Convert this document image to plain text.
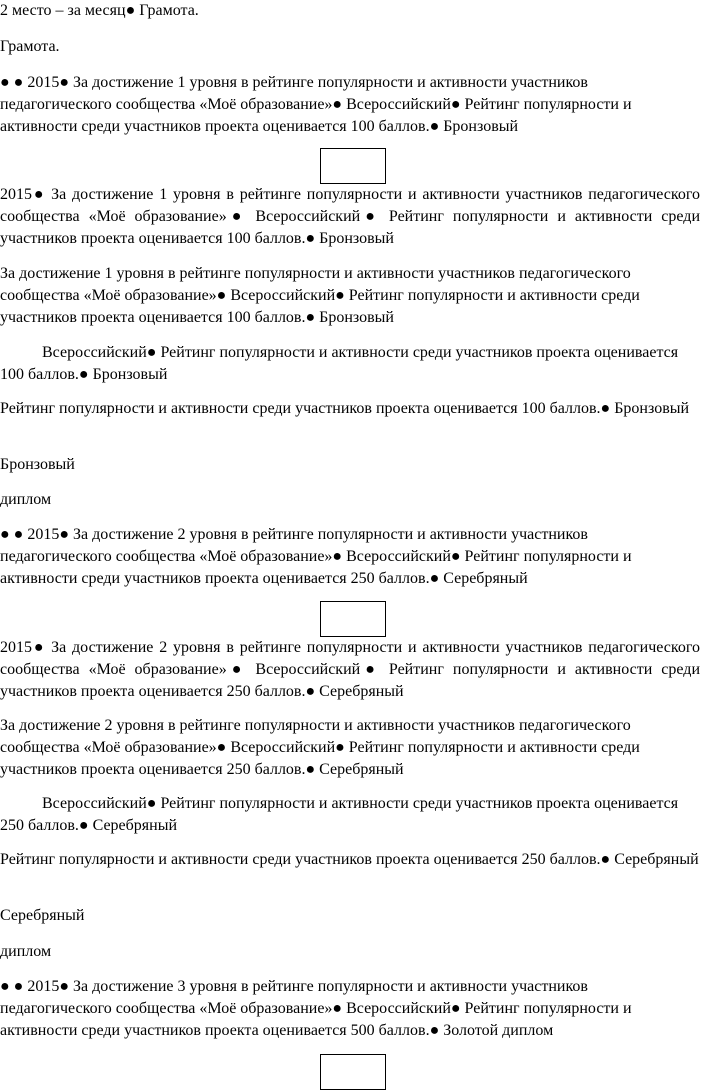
2 место – за месяц● Грамота.

Грамота.

● ● 2015● За достижение 1 уровня в рейтинге популярности и активности участников педагогического сообщества «Моё образование»● Всероссийский● Рейтинг популярности и активности среди участников проекта оценивается 100 баллов.● Бронзовый

2015● За достижение 1 уровня в рейтинге популярности и активности участников педагогического сообщества «Моё образование»● Всероссийский● Рейтинг популярности и активности среди участников проекта оценивается 100 баллов.● Бронзовый

За достижение 1 уровня в рейтинге популярности и активности участников педагогического сообщества «Моё образование»● Всероссийский● Рейтинг популярности и активности среди участников проекта оценивается 100 баллов.● Бронзовый

Всероссийский● Рейтинг популярности и активности среди участников проекта оценивается 100 баллов.● Бронзовый

Рейтинг популярности и активности среди участников проекта оценивается 100 баллов.● Бронзовый

Бронзовый

диплом

● ● 2015● За достижение 2 уровня в рейтинге популярности и активности участников педагогического сообщества «Моё образование»● Всероссийский● Рейтинг популярности и активности среди участников проекта оценивается 250 баллов.● Серебряный

2015● За достижение 2 уровня в рейтинге популярности и активности участников педагогического сообщества «Моё образование»● Всероссийский● Рейтинг популярности и активности среди участников проекта оценивается 250 баллов.● Серебряный

За достижение 2 уровня в рейтинге популярности и активности участников педагогического сообщества «Моё образование»● Всероссийский● Рейтинг популярности и активности среди участников проекта оценивается 250 баллов.● Серебряный

Всероссийский● Рейтинг популярности и активности среди участников проекта оценивается 250 баллов.● Серебряный

Рейтинг популярности и активности среди участников проекта оценивается 250 баллов.● Серебряный

Серебряный

диплом

● ● 2015● За достижение 3 уровня в рейтинге популярности и активности участников педагогического сообщества «Моё образование»● Всероссийский● Рейтинг популярности и активности среди участников проекта оценивается 500 баллов.● Золотой диплом
